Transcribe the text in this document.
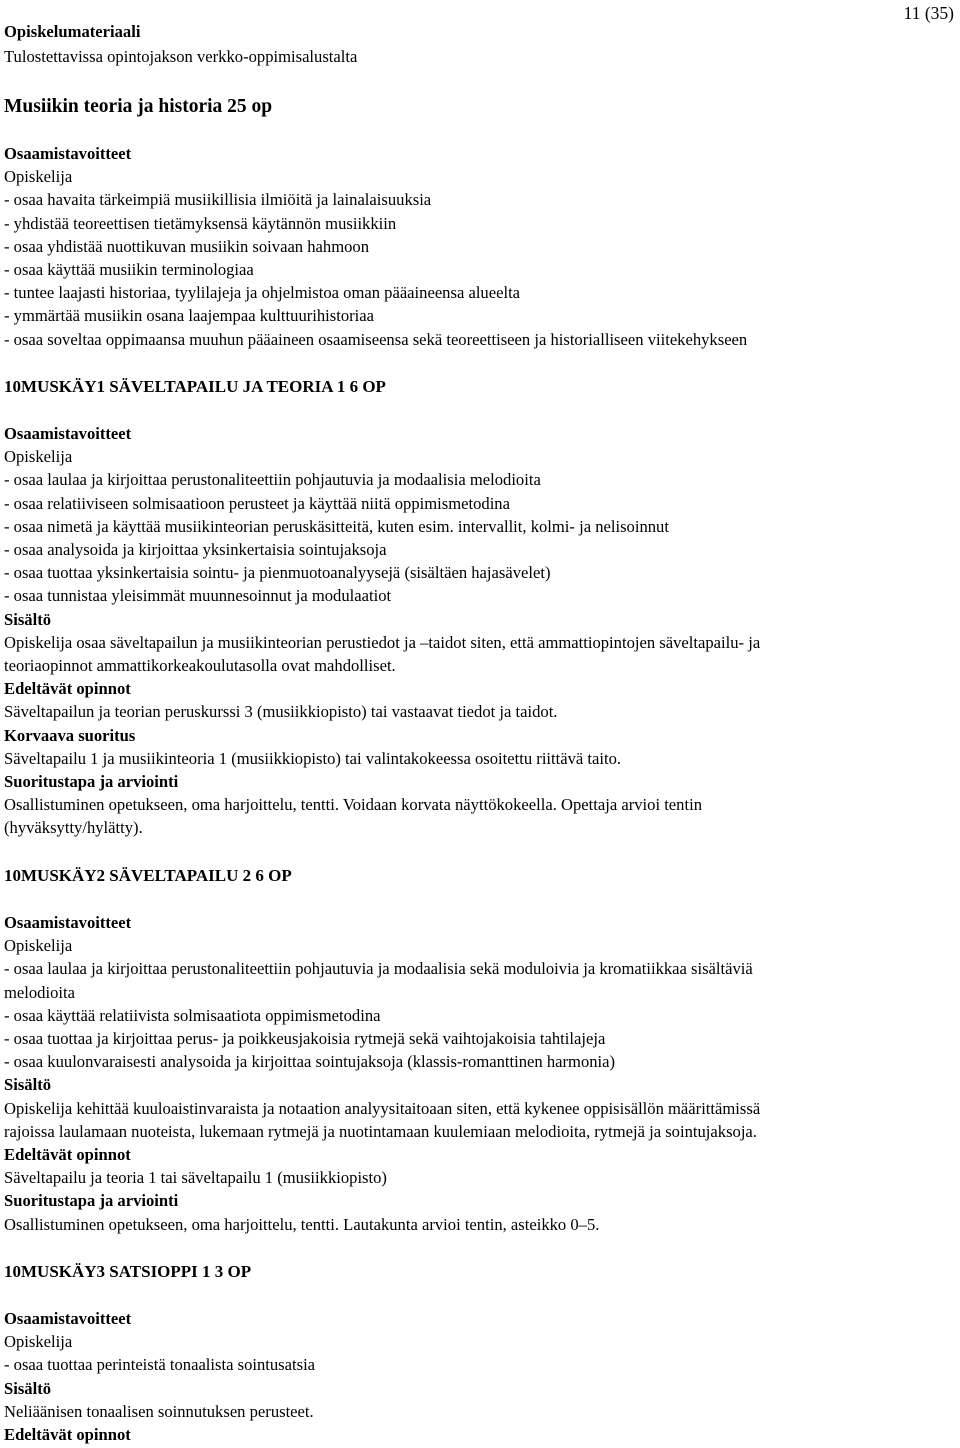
Opiskelumateriaali
Tulostettavissa opintojakson verkko-oppimisalustalta
11 (35)
Musiikin teoria ja historia 25 op
Osaamistavoitteet
Opiskelija
- osaa havaita tärkeimpiä musiikillisia ilmiöitä ja lainalaisuuksia
- yhdistää teoreettisen tietämyksensä käytännön musiikkiin
- osaa yhdistää nuottikuvan musiikin soivaan hahmoon
- osaa käyttää musiikin terminologiaa
- tuntee laajasti historiaa, tyylilajeja ja ohjelmistoa oman pääaineensa alueelta
- ymmärtää musiikin osana laajempaa kulttuurihistoriaa
- osaa soveltaa oppimaansa muuhun pääaineen osaamiseensa sekä teoreettiseen ja historialliseen viitekehykseen
10MUSKÄY1 SÄVELTAPAILU JA TEORIA 1 6 OP
Osaamistavoitteet
Opiskelija
- osaa laulaa ja kirjoittaa perustonaliteettiin pohjautuvia ja modaalisia melodioita
- osaa relatiiviseen solmisaatioon perusteet ja käyttää niitä oppimismetodina
- osaa nimetä ja käyttää musiikinteorian peruskäsitteitä, kuten esim. intervallit, kolmi- ja nelisoinnut
- osaa analysoida ja kirjoittaa yksinkertaisia sointujaksoja
- osaa tuottaa yksinkertaisia sointu- ja pienmuotoanalyysejä (sisältäen hajasävelet)
- osaa tunnistaa yleisimmät muunnesoinnut ja modulaatiot
Sisältö
Opiskelija osaa säveltapailun ja musiikinteorian perustiedot ja –taidot siten, että ammattiopintojen säveltapailu- ja
teoriaopinnot ammattikorkeakoulutasolla ovat mahdolliset.
Edeltävät opinnot
Säveltapailun ja teorian peruskurssi 3 (musiikkiopisto) tai vastaavat tiedot ja taidot.
Korvaava suoritus
Säveltapailu 1 ja musiikinteoria 1 (musiikkiopisto) tai valintakokeessa osoitettu riittävä taito.
Suoritustapa ja arviointi
Osallistuminen opetukseen, oma harjoittelu, tentti. Voidaan korvata näyttökokeella. Opettaja arvioi tentin
(hyväksytty/hylätty).
10MUSKÄY2 SÄVELTAPAILU 2 6 OP
Osaamistavoitteet
Opiskelija
- osaa laulaa ja kirjoittaa perustonaliteettiin pohjautuvia ja modaalisia sekä moduloivia ja kromatiikkaa sisältäviä
melodioita
- osaa käyttää relatiivista solmisaatiota oppimismetodina
- osaa tuottaa ja kirjoittaa perus- ja poikkeusjakoisia rytmejä sekä vaihtojakoisia tahtilajeja
- osaa kuulonvaraisesti analysoida ja kirjoittaa sointujaksoja (klassis-romanttinen harmonia)
Sisältö
Opiskelija kehittää kuuloaistinvaraista ja notaation analyysitaitoaan siten, että kykenee oppisisällön määrittämissä
rajoissa laulamaan nuoteista, lukemaan rytmejä ja nuotintamaan kuulemiaan melodioita, rytmejä ja sointujaksoja.
Edeltävät opinnot
Säveltapailu ja teoria 1 tai säveltapailu 1 (musiikkiopisto)
Suoritustapa ja arviointi
Osallistuminen opetukseen, oma harjoittelu, tentti. Lautakunta arvioi tentin, asteikko 0–5.
10MUSKÄY3 SATSIOPPI 1 3 OP
Osaamistavoitteet
Opiskelija
- osaa tuottaa perinteistä tonaalista sointusatsia
Sisältö
Neliäänisen tonaalisen soinnutuksen perusteet.
Edeltävät opinnot
